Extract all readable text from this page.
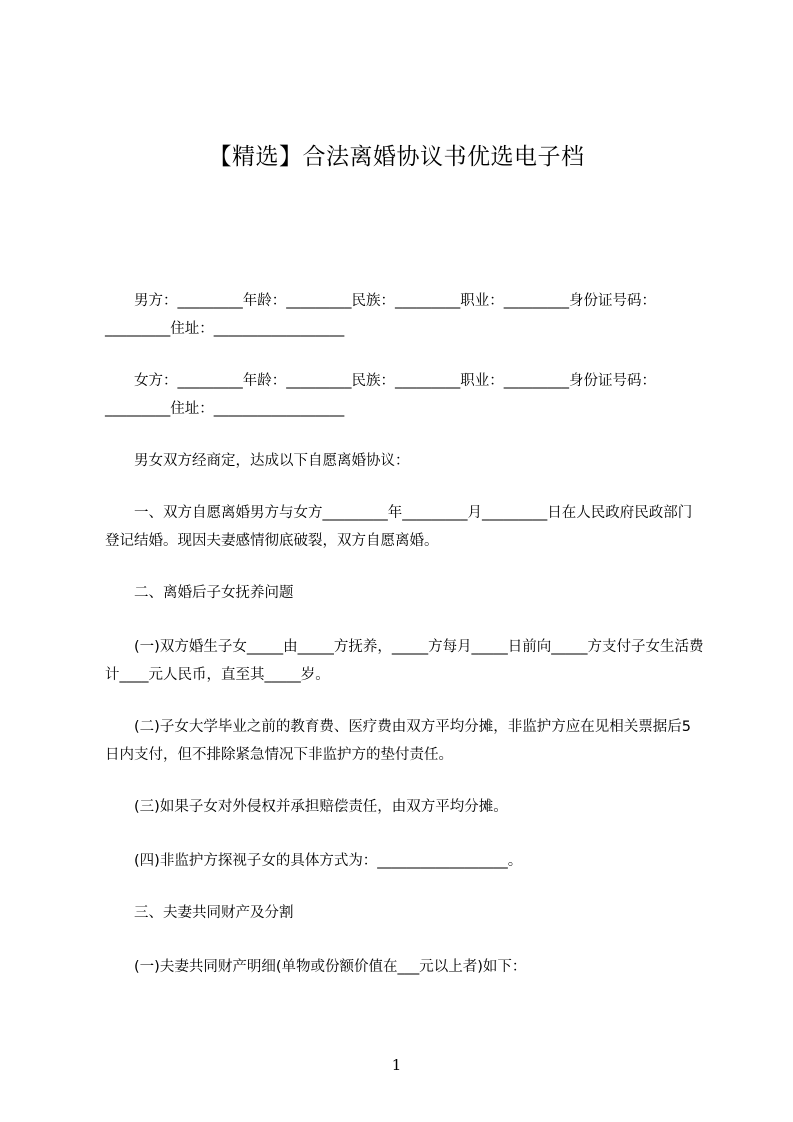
【精选】合法离婚协议书优选电子档

　　男方：_________年龄：_________民族：_________职业：_________身份证号码：_________住址：__________________

　　女方：_________年龄：_________民族：_________职业：_________身份证号码：_________住址：__________________

　　男女双方经商定，达成以下自愿离婚协议：

　　一、双方自愿离婚男方与女方_________年_________月_________日在人民政府民政部门登记结婚。现因夫妻感情彻底破裂，双方自愿离婚。

　　二、离婚后子女抚养问题

　　(一)双方婚生子女_____由_____方抚养，_____方每月_____日前向_____方支付子女生活费计____元人民币，直至其_____岁。

　　(二)子女大学毕业之前的教育费、医疗费由双方平均分摊，非监护方应在见相关票据后5日内支付，但不排除紧急情况下非监护方的垫付责任。

　　(三)如果子女对外侵权并承担赔偿责任，由双方平均分摊。

　　(四)非监护方探视子女的具体方式为：__________________。

　　三、夫妻共同财产及分割

　　(一)夫妻共同财产明细(单物或份额价值在___元以上者)如下：

1
